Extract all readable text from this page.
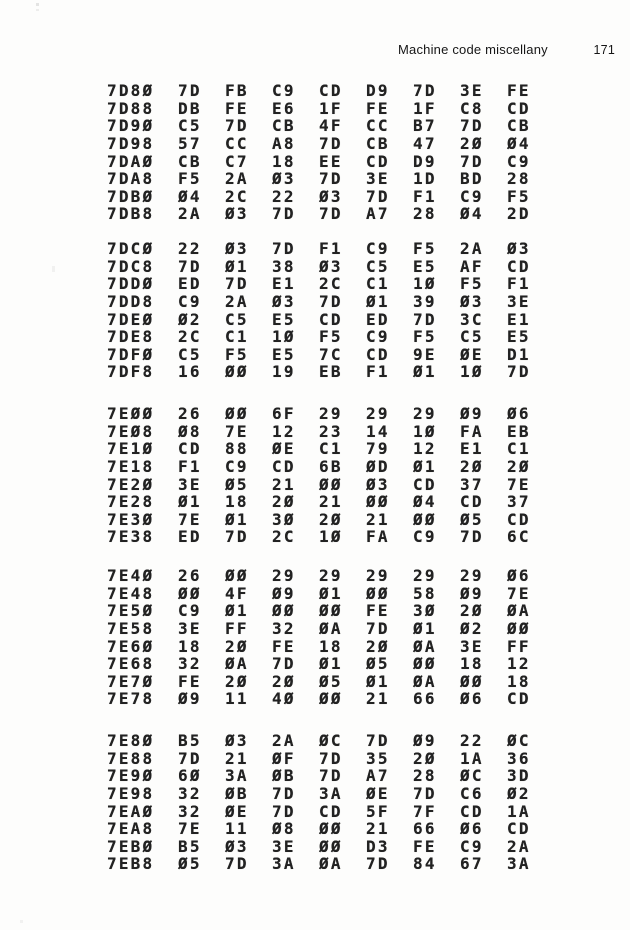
Machine code miscellany	171
7D8Ø 7D FB C9 CD D9 7D 3E FE
7D88 DB FE E6 1F FE 1F C8 CD
7D9Ø C5 7D CB 4F CC B7 7D CB
7D98 57 CC A8 7D CB 47 2Ø Ø4
7DAØ CB C7 18 EE CD D9 7D C9
7DA8 F5 2A Ø3 7D 3E 1D BD 28
7DBØ Ø4 2C 22 Ø3 7D F1 C9 F5
7DB8 2A Ø3 7D 7D A7 28 Ø4 2D
7DCØ 22 Ø3 7D F1 C9 F5 2A Ø3
7DC8 7D Ø1 38 Ø3 C5 E5 AF CD
7DDØ ED 7D E1 2C C1 1Ø F5 F1
7DD8 C9 2A Ø3 7D Ø1 39 Ø3 3E
7DEØ Ø2 C5 E5 CD ED 7D 3C E1
7DE8 2C C1 1Ø F5 C9 F5 C5 E5
7DFØ C5 F5 E5 7C CD 9E ØE D1
7DF8 16 ØØ 19 EB F1 Ø1 1Ø 7D
7EØØ 26 ØØ 6F 29 29 29 Ø9 Ø6
7EØ8 Ø8 7E 12 23 14 1Ø FA EB
7E1Ø CD 88 ØE C1 79 12 E1 C1
7E18 F1 C9 CD 6B ØD Ø1 2Ø 2Ø
7E2Ø 3E Ø5 21 ØØ Ø3 CD 37 7E
7E28 Ø1 18 2Ø 21 ØØ Ø4 CD 37
7E3Ø 7E Ø1 3Ø 2Ø 21 ØØ Ø5 CD
7E38 ED 7D 2C 1Ø FA C9 7D 6C
7E4Ø 26 ØØ 29 29 29 29 29 Ø6
7E48 ØØ 4F Ø9 Ø1 ØØ 58 Ø9 7E
7E5Ø C9 Ø1 ØØ ØØ FE 3Ø 2Ø ØA
7E58 3E FF 32 ØA 7D Ø1 Ø2 ØØ
7E6Ø 18 2Ø FE 18 2Ø ØA 3E FF
7E68 32 ØA 7D Ø1 Ø5 ØØ 18 12
7E7Ø FE 2Ø 2Ø Ø5 Ø1 ØA ØØ 18
7E78 Ø9 11 4Ø ØØ 21 66 Ø6 CD
7E8Ø B5 Ø3 2A ØC 7D Ø9 22 ØC
7E88 7D 21 ØF 7D 35 2Ø 1A 36
7E9Ø 6Ø 3A ØB 7D A7 28 ØC 3D
7E98 32 ØB 7D 3A ØE 7D C6 Ø2
7EAØ 32 ØE 7D CD 5F 7F CD 1A
7EA8 7E 11 Ø8 ØØ 21 66 Ø6 CD
7EBØ B5 Ø3 3E ØØ D3 FE C9 2A
7EB8 Ø5 7D 3A ØA 7D 84 67 3A
